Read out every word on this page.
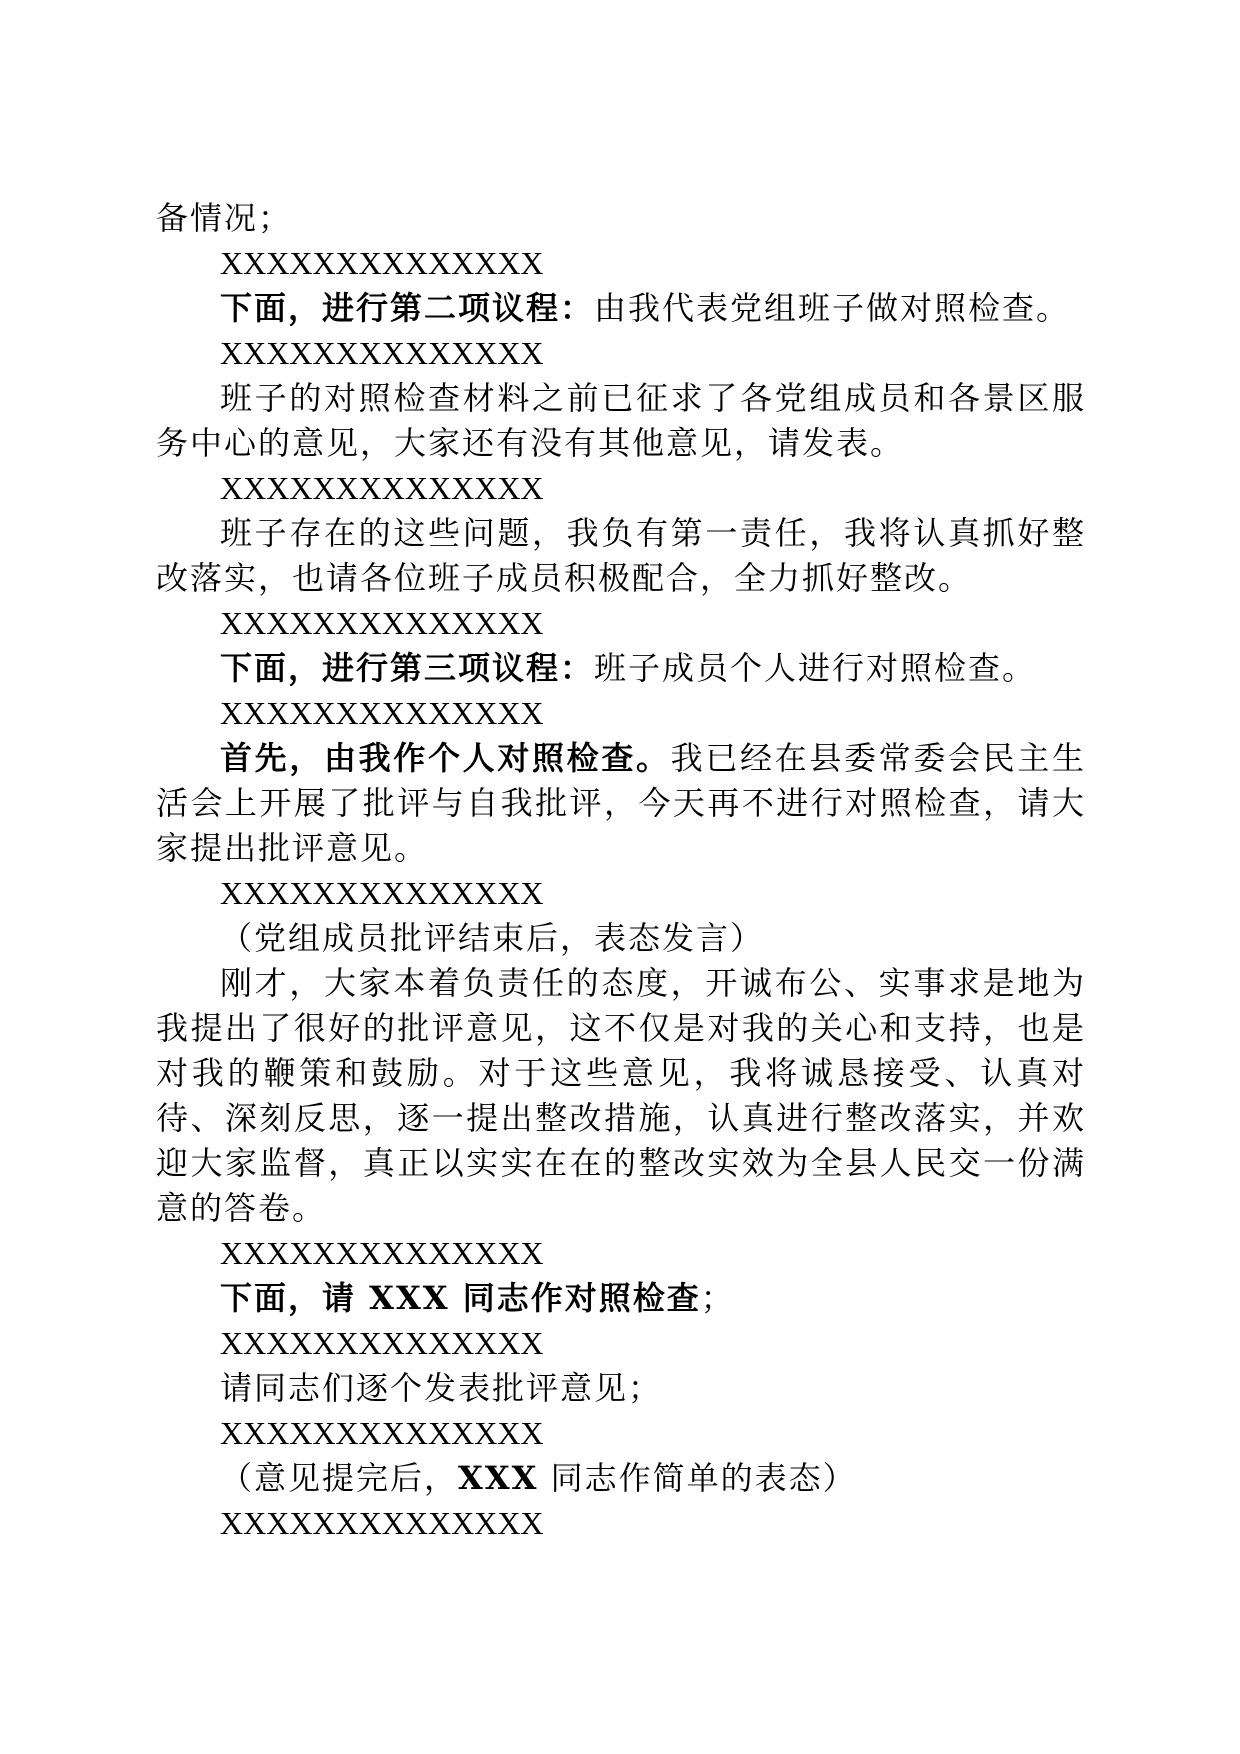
备情况；

XXXXXXXXXXXXXX

下面，进行第二项议程：由我代表党组班子做对照检查。

XXXXXXXXXXXXXX

班子的对照检查材料之前已征求了各党组成员和各景区服务中心的意见，大家还有没有其他意见，请发表。

XXXXXXXXXXXXXX

班子存在的这些问题，我负有第一责任，我将认真抓好整改落实，也请各位班子成员积极配合，全力抓好整改。

XXXXXXXXXXXXXX

下面，进行第三项议程：班子成员个人进行对照检查。

XXXXXXXXXXXXXX

首先，由我作个人对照检查。我已经在县委常委会民主生活会上开展了批评与自我批评，今天再不进行对照检查，请大家提出批评意见。

XXXXXXXXXXXXXX

（党组成员批评结束后，表态发言）

刚才，大家本着负责任的态度，开诚布公、实事求是地为我提出了很好的批评意见，这不仅是对我的关心和支持，也是对我的鞭策和鼓励。对于这些意见，我将诚恳接受、认真对待、深刻反思，逐一提出整改措施，认真进行整改落实，并欢迎大家监督，真正以实实在在的整改实效为全县人民交一份满意的答卷。

XXXXXXXXXXXXXX

下面，请 XXX 同志作对照检查；

XXXXXXXXXXXXXX

请同志们逐个发表批评意见；

XXXXXXXXXXXXXX

（意见提完后，XXX 同志作简单的表态）

XXXXXXXXXXXXXX
